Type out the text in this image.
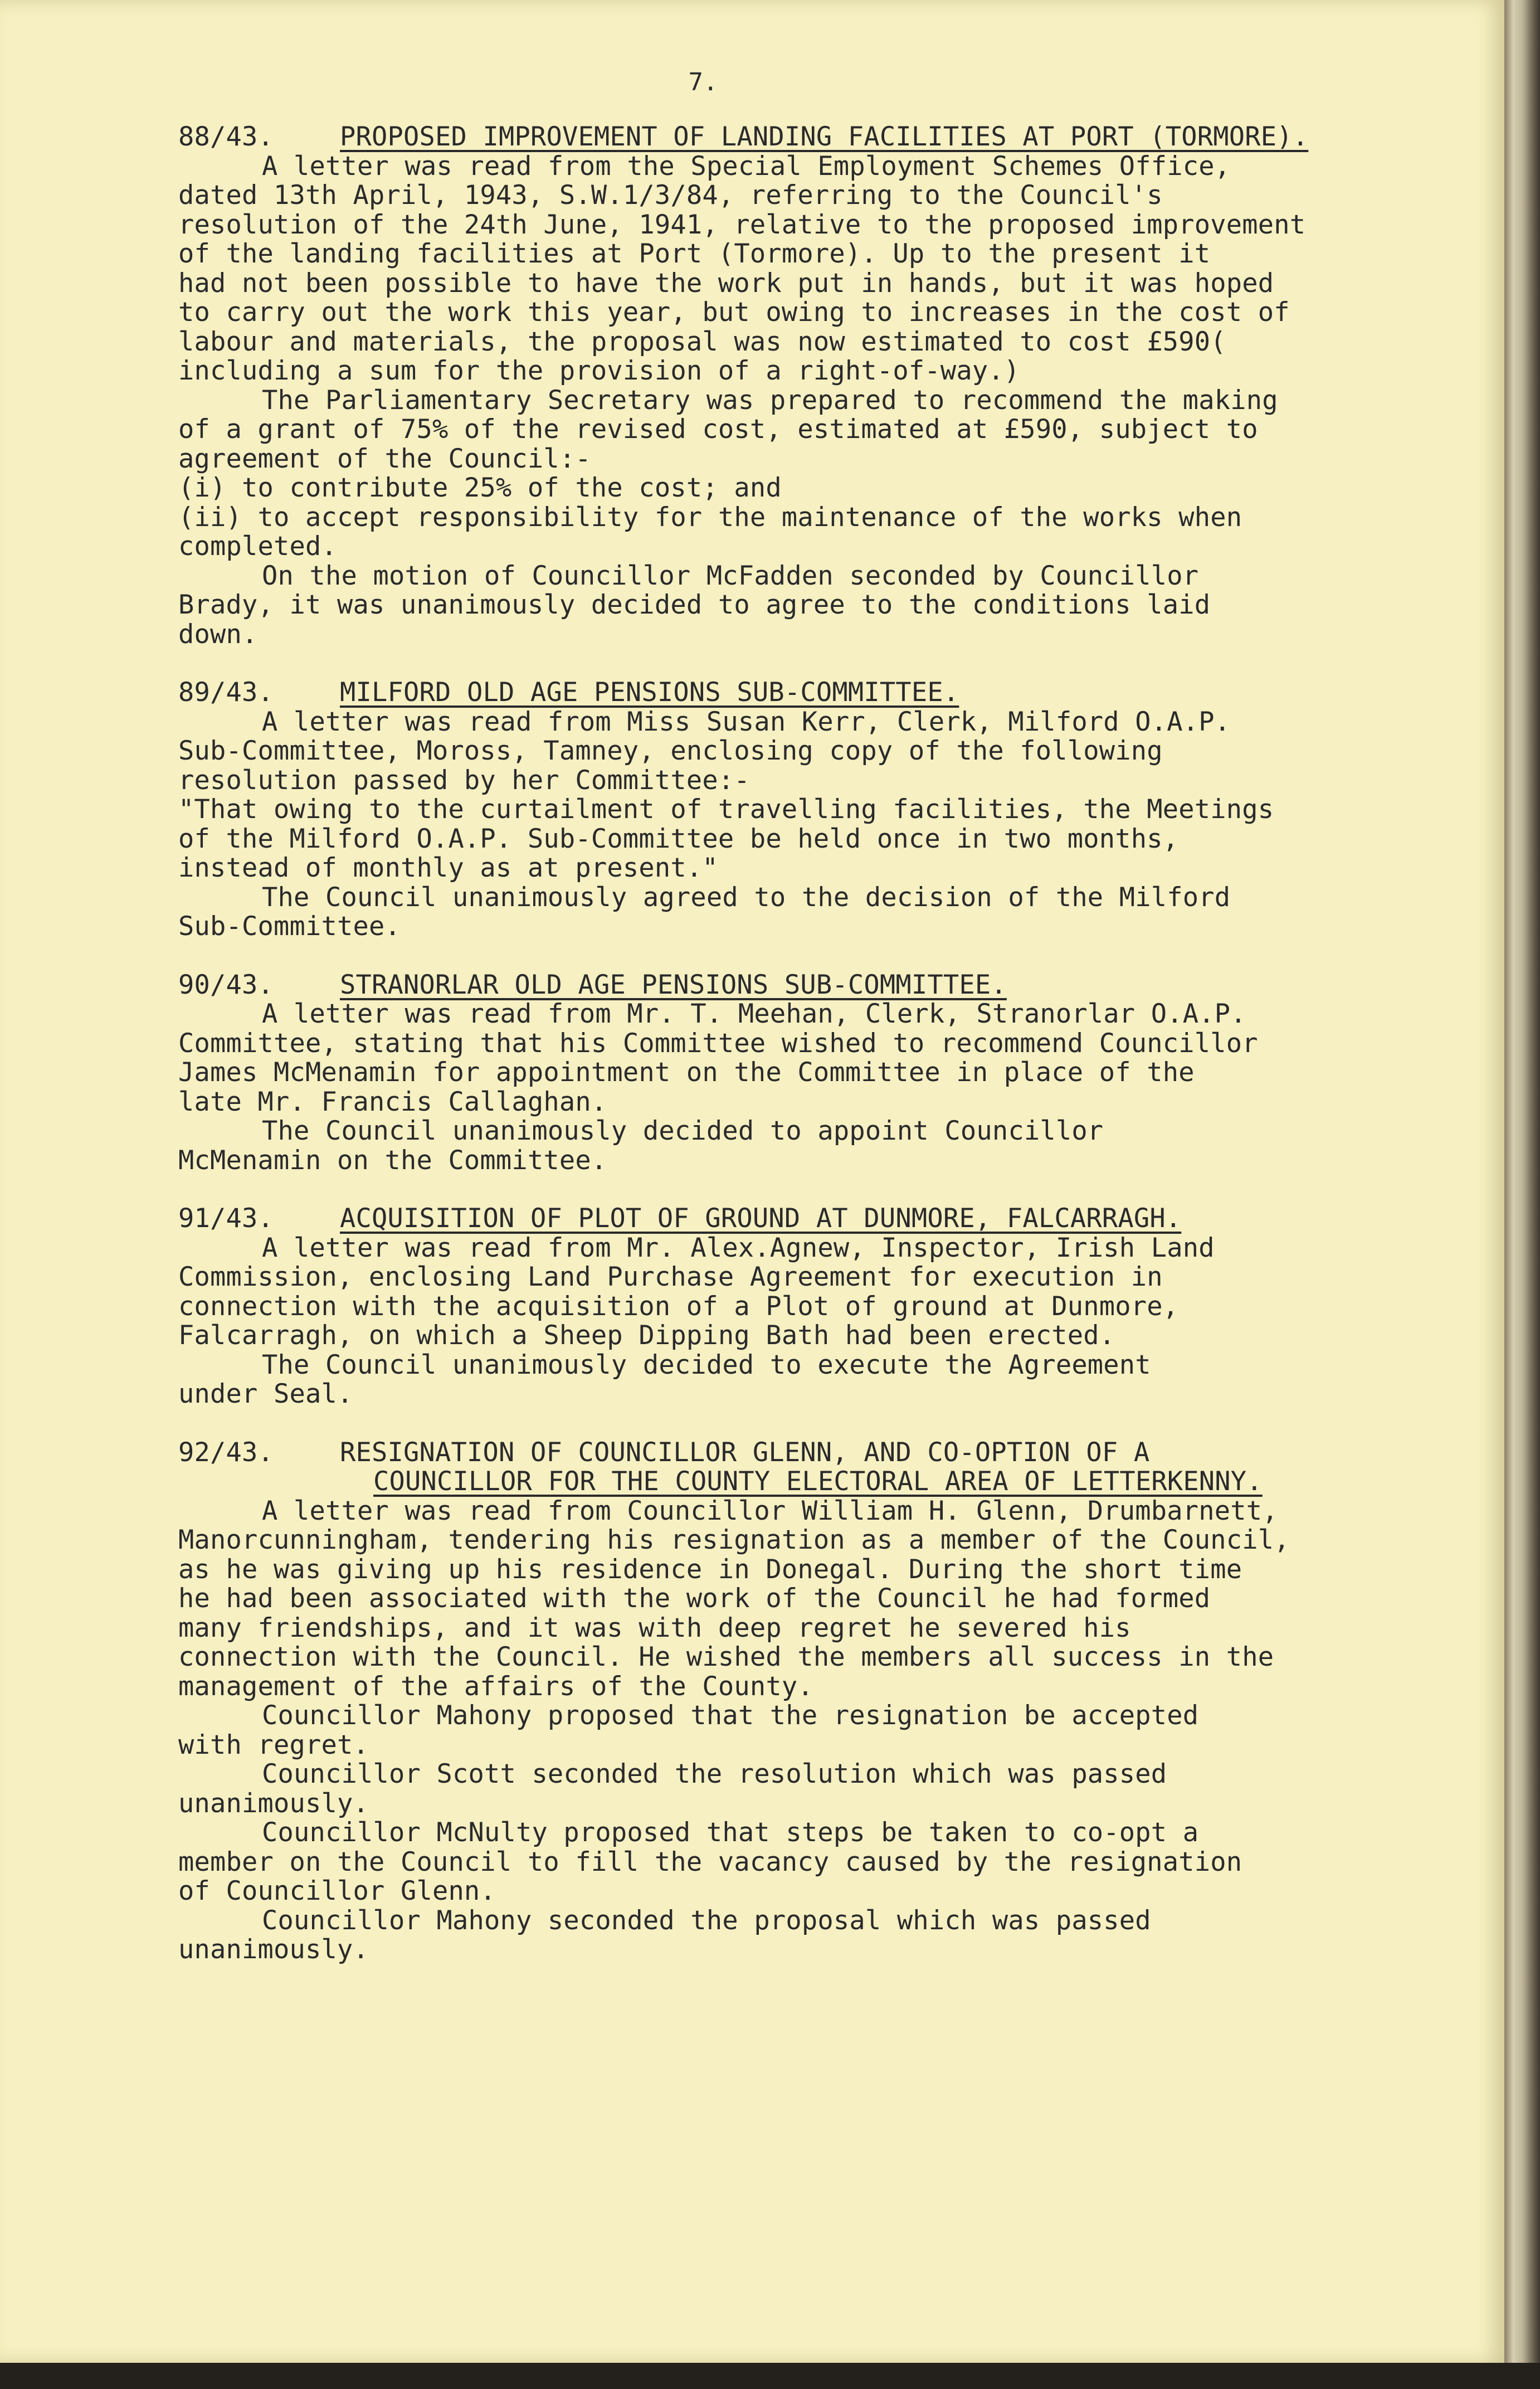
7.
88/43.	PROPOSED IMPROVEMENT OF LANDING FACILITIES AT PORT (TORMORE).
A letter was read from the Special Employment Schemes Office,
dated 13th April, 1943, S.W.1/3/84, referring to the Council's
resolution of the 24th June, 1941, relative to the proposed improvement
of the landing facilities at Port (Tormore). Up to the present it
had not been possible to have the work put in hands, but it was hoped
to carry out the work this year, but owing to increases in the cost of
labour and materials, the proposal was now estimated to cost £590(
including a sum for the provision of a right-of-way.)
The Parliamentary Secretary was prepared to recommend the making
of a grant of 75% of the revised cost, estimated at £590, subject to
agreement of the Council:-
(i) to contribute 25% of the cost; and
(ii) to accept responsibility for the maintenance of the works when
completed.
On the motion of Councillor McFadden seconded by Councillor
Brady, it was unanimously decided to agree to the conditions laid
down.
89/43.	MILFORD OLD AGE PENSIONS SUB-COMMITTEE.
A letter was read from Miss Susan Kerr, Clerk, Milford O.A.P.
Sub-Committee, Moross, Tamney, enclosing copy of the following
resolution passed by her Committee:-
"That owing to the curtailment of travelling facilities, the Meetings
of the Milford O.A.P. Sub-Committee be held once in two months,
instead of monthly as at present."
The Council unanimously agreed to the decision of the Milford
Sub-Committee.
90/43.	STRANORLAR OLD AGE PENSIONS SUB-COMMITTEE.
A letter was read from Mr. T. Meehan, Clerk, Stranorlar O.A.P.
Committee, stating that his Committee wished to recommend Councillor
James McMenamin for appointment on the Committee in place of the
late Mr. Francis Callaghan.
The Council unanimously decided to appoint Councillor
McMenamin on the Committee.
91/43.	ACQUISITION OF PLOT OF GROUND AT DUNMORE, FALCARRAGH.
A letter was read from Mr. Alex.Agnew, Inspector, Irish Land
Commission, enclosing Land Purchase Agreement for execution in
connection with the acquisition of a Plot of ground at Dunmore,
Falcarragh, on which a Sheep Dipping Bath had been erected.
The Council unanimously decided to execute the Agreement
under Seal.
92/43.	RESIGNATION OF COUNCILLOR GLENN, AND CO-OPTION OF A
COUNCILLOR FOR THE COUNTY ELECTORAL AREA OF LETTERKENNY.
A letter was read from Councillor William H. Glenn, Drumbarnett,
Manorcunningham, tendering his resignation as a member of the Council,
as he was giving up his residence in Donegal. During the short time
he had been associated with the work of the Council he had formed
many friendships, and it was with deep regret he severed his
connection with the Council. He wished the members all success in the
management of the affairs of the County.
Councillor Mahony proposed that the resignation be accepted
with regret.
Councillor Scott seconded the resolution which was passed
unanimously.
Councillor McNulty proposed that steps be taken to co-opt a
member on the Council to fill the vacancy caused by the resignation
of Councillor Glenn.
Councillor Mahony seconded the proposal which was passed
unanimously.
